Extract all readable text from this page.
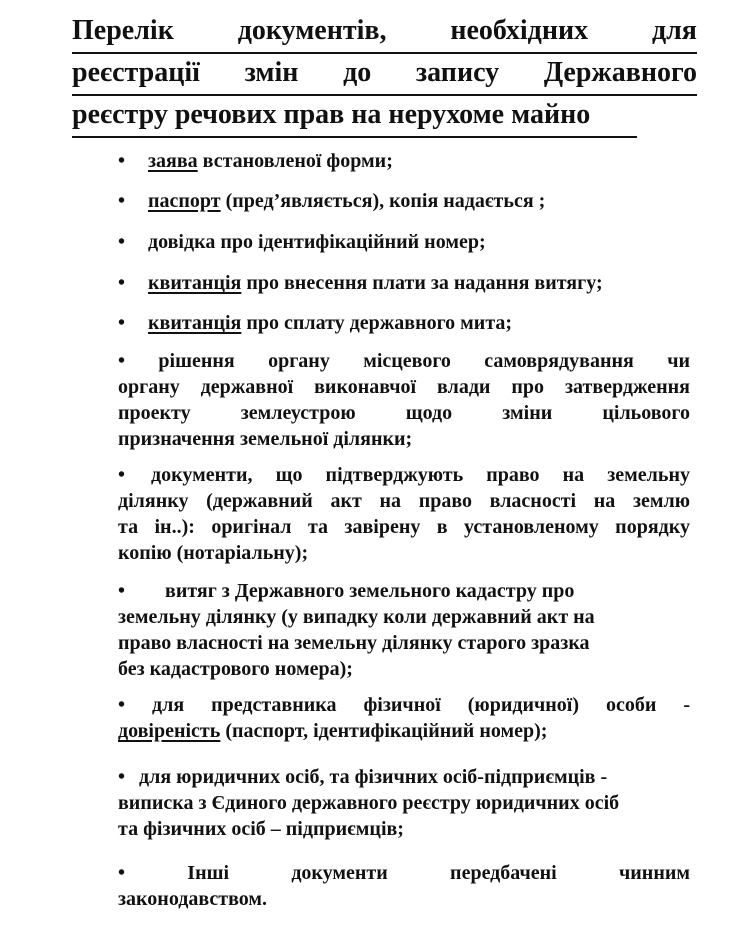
Перелік документів, необхідних для
реєстрації змін до запису Державного
реєстру речових прав на нерухоме майно
• заява встановленої форми;
• паспорт (пред’являється), копія надається ;
• довідка про ідентифікаційний номер;
• квитанція про внесення плати за надання витягу;
• квитанція про сплату державного мита;
• рішення органу місцевого самоврядування чи
органу державної виконавчої влади про затвердження
проекту землеустрою щодо зміни цільового
призначення земельної ділянки;
• документи, що підтверджують право на земельну
ділянку (державний акт на право власності на землю
та ін..): оригінал та завірену в установленому порядку
копію (нотаріальну);
• витяг з Державного земельного кадастру про
земельну ділянку (у випадку коли державний акт на
право власності на земельну ділянку старого зразка
без кадастрового номера);
• для представника фізичної (юридичної) особи -
довіреність (паспорт, ідентифікаційний номер);
• для юридичних осіб, та фізичних осіб-підприємців -
виписка з Єдиного державного реєстру юридичних осіб
та фізичних осіб – підприємців;
•	Інші документи передбачені чинним
законодавством.
